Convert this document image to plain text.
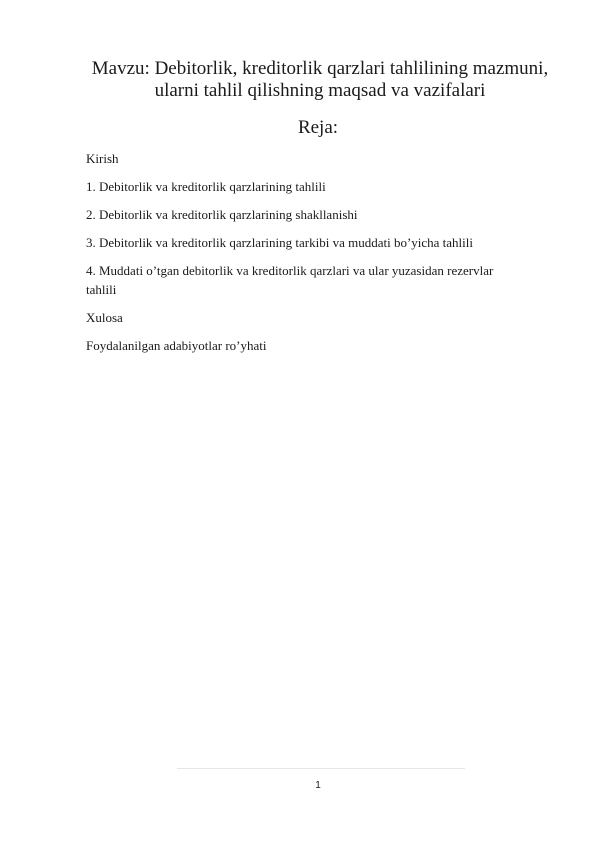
Mavzu: Debitorlik, kreditorlik qarzlari tahlilining mazmuni,
ularni tahlil qilishning maqsad va vazifalari
Reja:

Kirish

1. Debitorlik va kreditorlik qarzlarining tahlili

2. Debitorlik va kreditorlik qarzlarining shakllanishi

3. Debitorlik va kreditorlik qarzlarining tarkibi va muddati bo’yicha tahlili

4. Muddati o’tgan debitorlik va kreditorlik qarzlari va ular yuzasidan rezervlar

tahlili

Xulosa

Foydalanilgan adabiyotlar ro’yhati

1
